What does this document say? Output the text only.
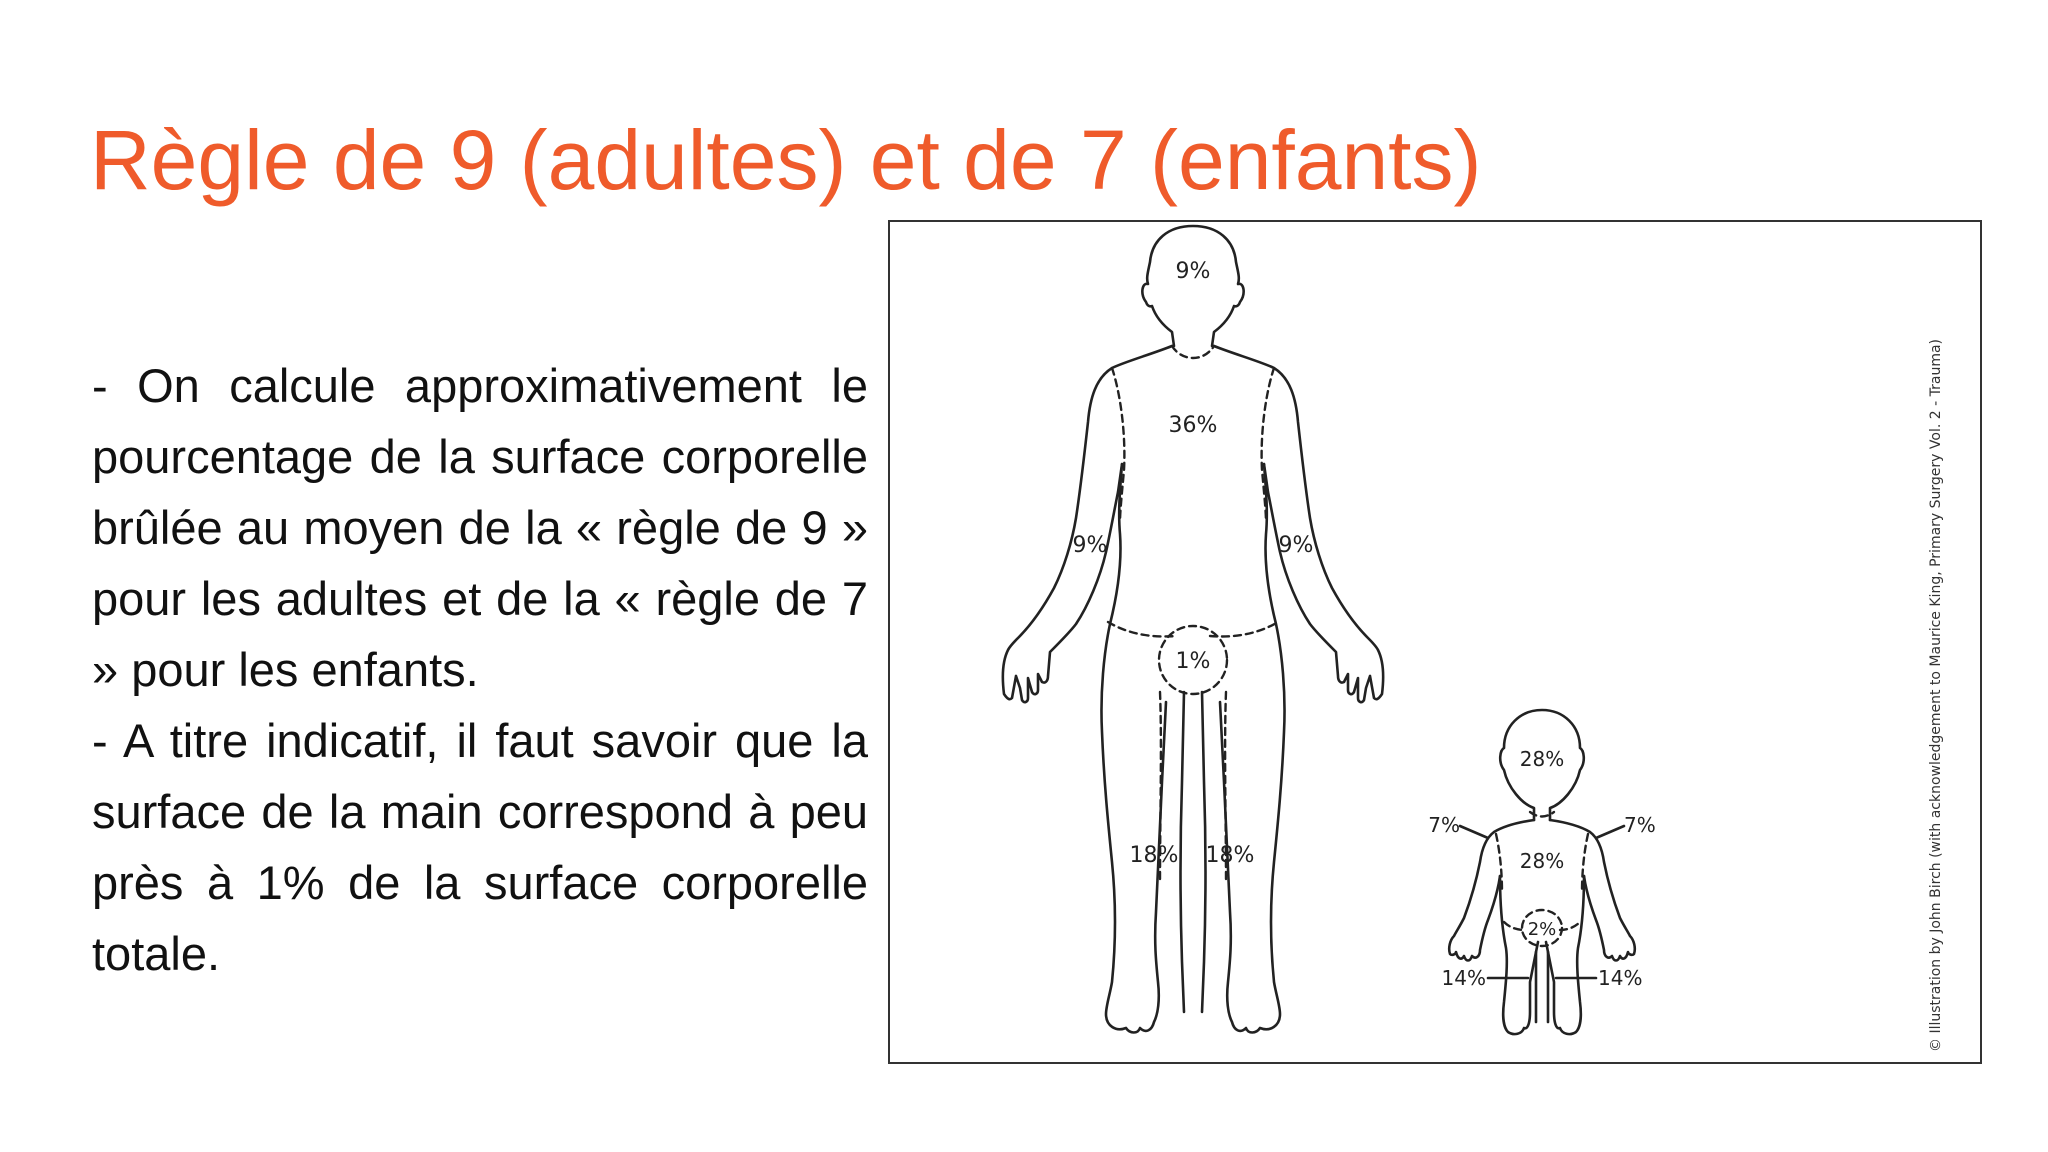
Règle de 9 (adultes) et de 7 (enfants)

- On calcule approximativement le pourcentage de la surface corporelle brûlée au moyen de la « règle de 9 » pour les adultes et de la « règle de 7 » pour les enfants.

- A titre indicatif, il faut savoir que la surface de la main correspond à peu près à 1% de la surface corporelle totale.

9%
36%
9%	9%
1%
18% 18%
28%
28%
7%	7%
2%
14%	14%	© Illustration by John Birch (with acknowledgement to Maurice King, Primary Surgery Vol. 2 - Trauma)
